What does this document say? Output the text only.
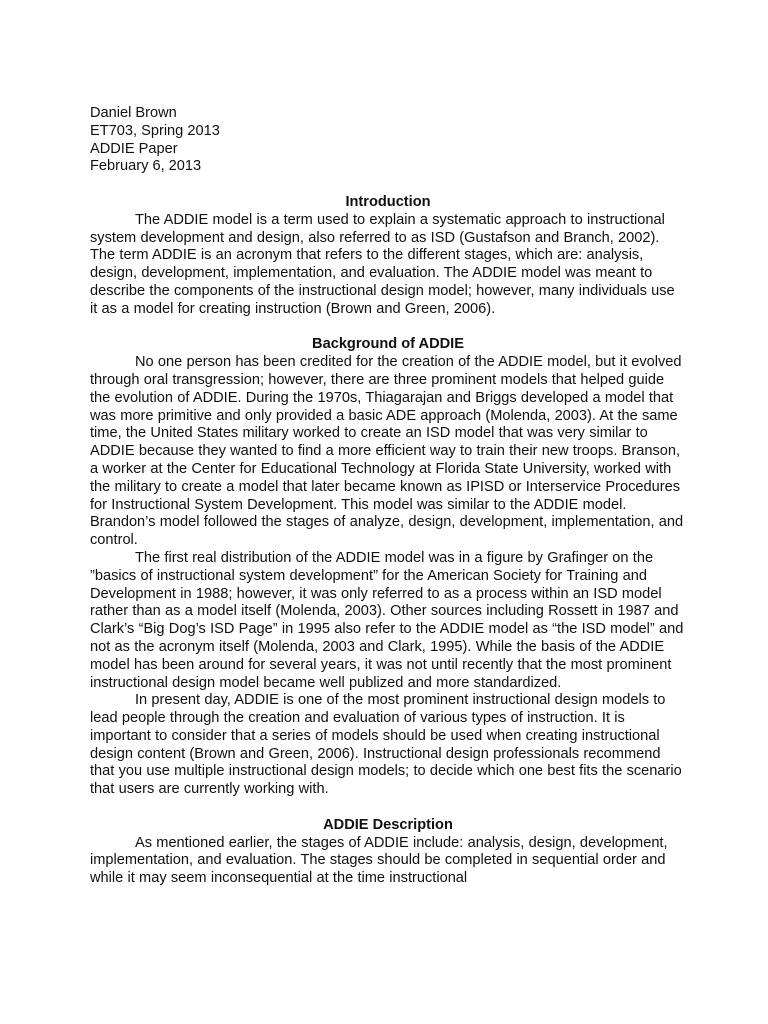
Daniel Brown
ET703, Spring 2013
ADDIE Paper
February 6, 2013
Introduction

The ADDIE model is a term used to explain a systematic approach to instructional system development and design, also referred to as ISD (Gustafson and Branch, 2002). The term ADDIE is an acronym that refers to the different stages, which are: analysis, design, development, implementation, and evaluation. The ADDIE model was meant to describe the components of the instructional design model; however, many individuals use it as a model for creating instruction (Brown and Green, 2006).

Background of ADDIE

No one person has been credited for the creation of the ADDIE model, but it evolved through oral transgression; however, there are three prominent models that helped guide the evolution of ADDIE. During the 1970s, Thiagarajan and Briggs developed a model that was more primitive and only provided a basic ADE approach (Molenda, 2003). At the same time, the United States military worked to create an ISD model that was very similar to ADDIE because they wanted to find a more efficient way to train their new troops. Branson, a worker at the Center for Educational Technology at Florida State University, worked with the military to create a model that later became known as IPISD or Interservice Procedures for Instructional System Development. This model was similar to the ADDIE model. Brandon’s model followed the stages of analyze, design, development, implementation, and control.

The first real distribution of the ADDIE model was in a figure by Grafinger on the ”basics of instructional system development” for the American Society for Training and Development in 1988; however, it was only referred to as a process within an ISD model rather than as a model itself (Molenda, 2003). Other sources including Rossett in 1987 and Clark’s “Big Dog’s ISD Page” in 1995 also refer to the ADDIE model as “the ISD model” and not as the acronym itself (Molenda, 2003 and Clark, 1995). While the basis of the ADDIE model has been around for several years, it was not until recently that the most prominent instructional design model became well publized and more standardized.

In present day, ADDIE is one of the most prominent instructional design models to lead people through the creation and evaluation of various types of instruction. It is important to consider that a series of models should be used when creating instructional design content (Brown and Green, 2006). Instructional design professionals recommend that you use multiple instructional design models; to decide which one best fits the scenario that users are currently working with.

ADDIE Description

As mentioned earlier, the stages of ADDIE include: analysis, design, development, implementation, and evaluation. The stages should be completed in sequential order and while it may seem inconsequential at the time instructional
